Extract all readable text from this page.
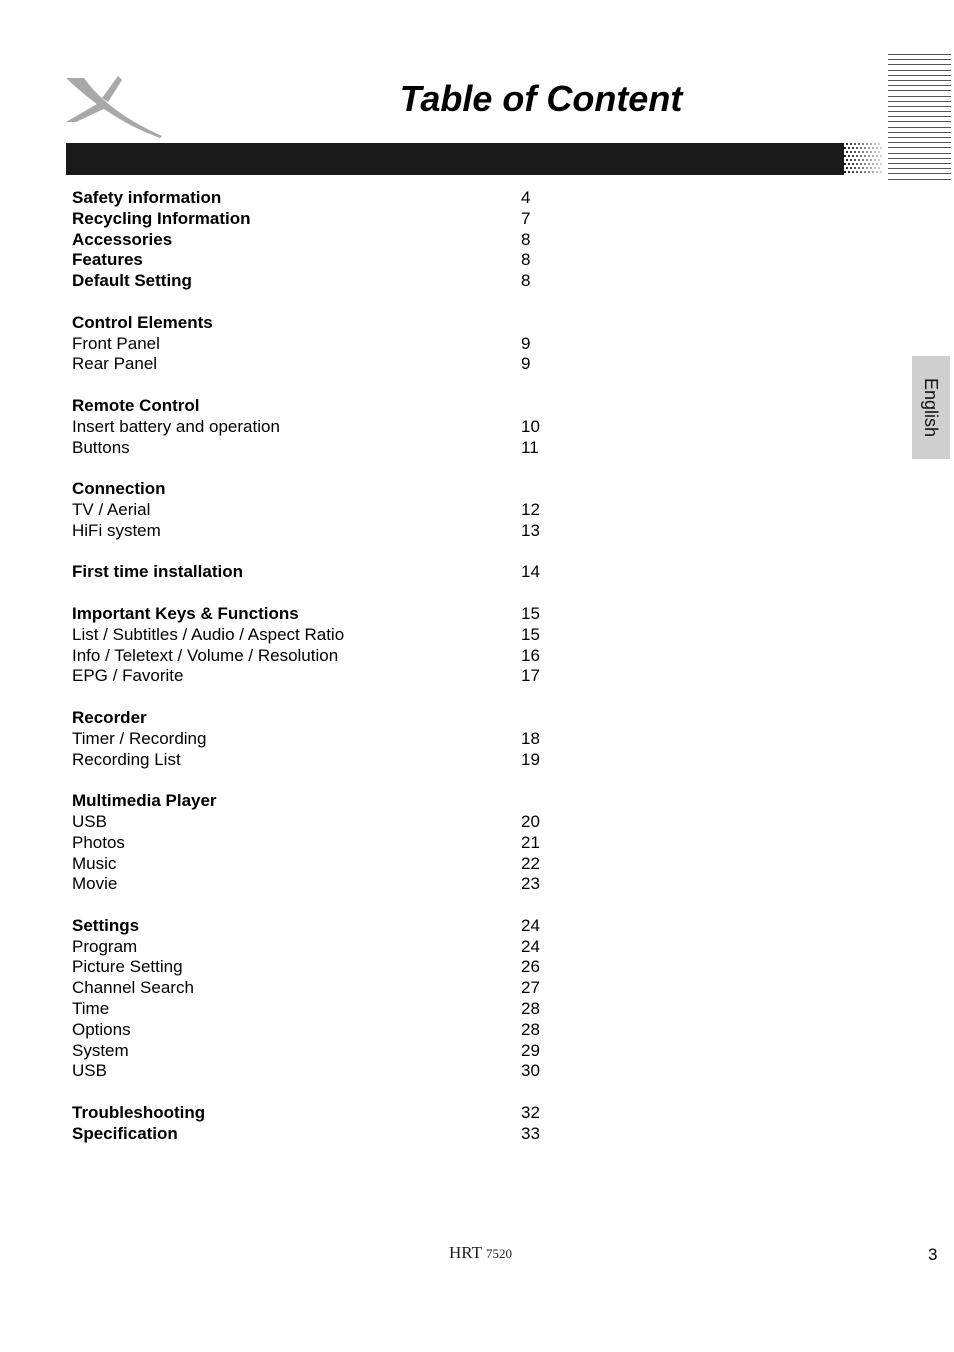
Table of Content
English
Safety information	4
Recycling Information	7
Accessories	8
Features	8
Default Setting	8
Control Elements
Front Panel	9
Rear Panel	9
Remote Control
Insert battery and operation	10
Buttons	11
Connection
TV / Aerial	12
HiFi system	13
First time installation	14
Important Keys & Functions	15
List / Subtitles / Audio / Aspect Ratio	15
Info / Teletext / Volume / Resolution	16
EPG / Favorite	17
Recorder
Timer / Recording	18
Recording List	19
Multimedia Player
USB	20
Photos	21
Music	22
Movie	23
Settings	24
Program	24
Picture Setting	26
Channel Search	27
Time	28
Options	28
System	29
USB	30
Troubleshooting	32
Specification	33
HRT 7520	3
